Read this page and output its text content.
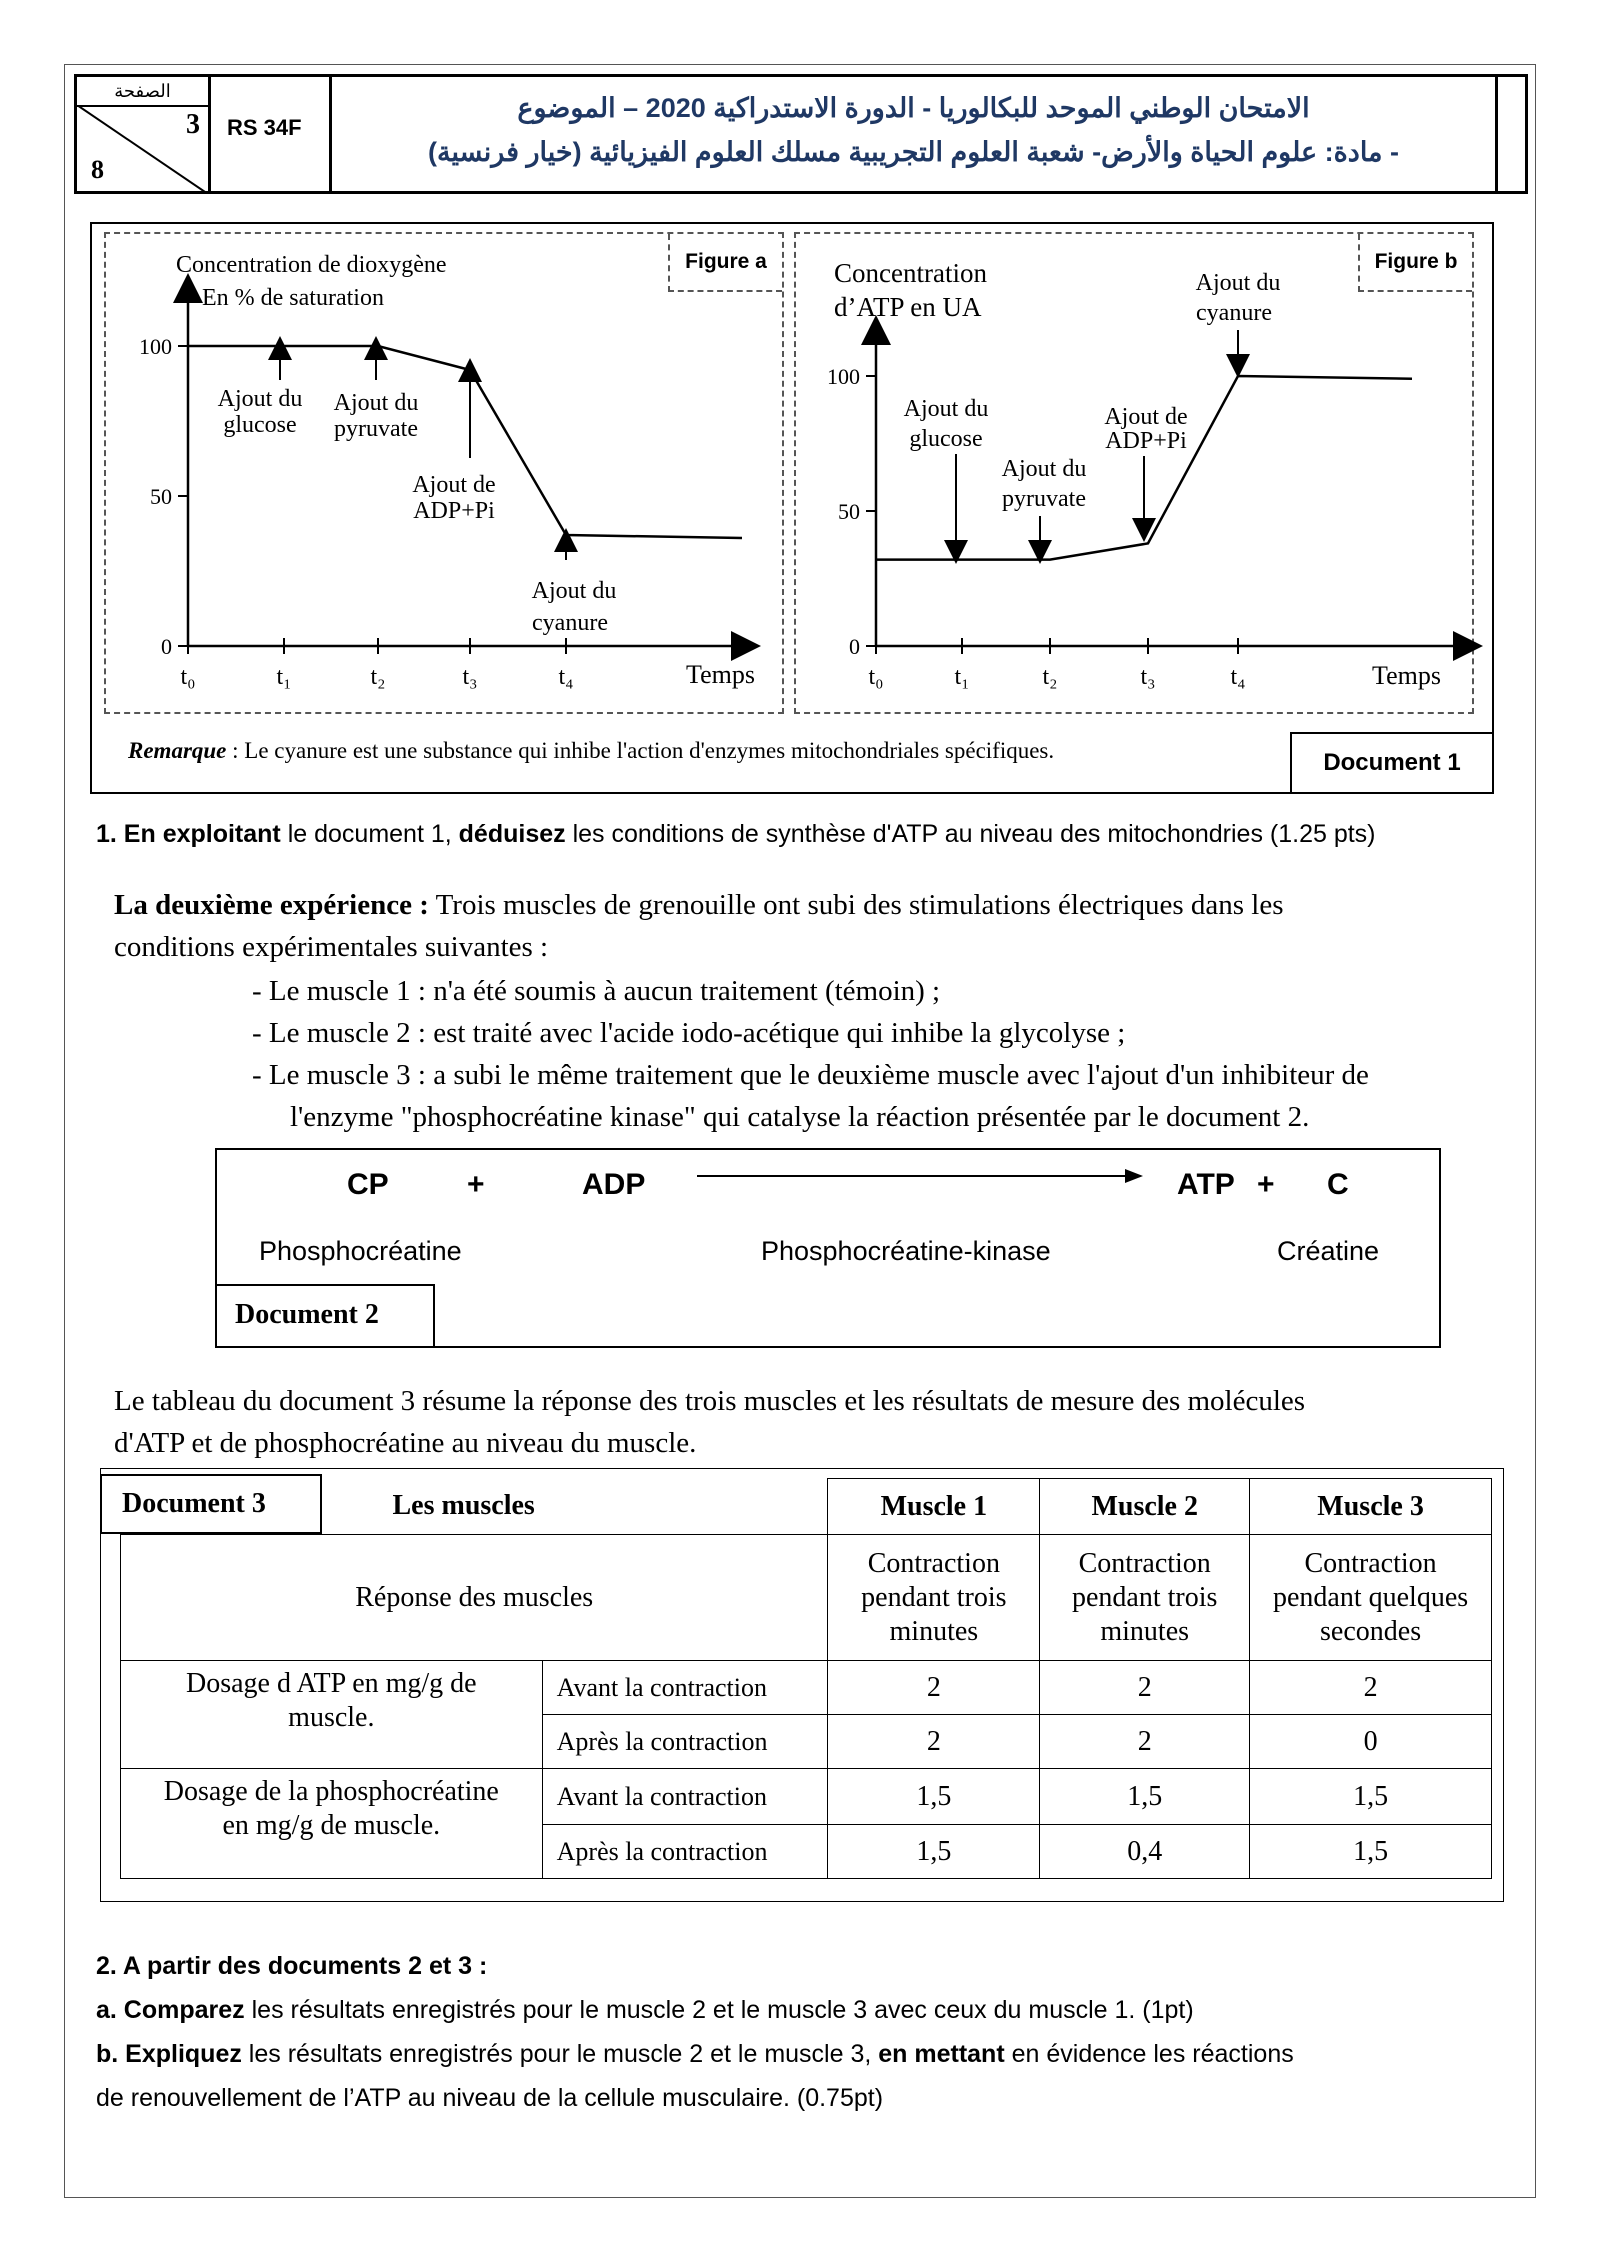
الصفحة
3
8
RS 34F
الامتحان الوطني الموحد للبكالوريا - الدورة الاستدراكية 2020 – الموضوع
- مادة: علوم الحياة والأرض- شعبة العلوم التجريبية مسلك العلوم الفيزيائية (خيار فرنسية)
Figure a	Figure b
Concentration de dioxygène
En % de saturation
100
50
0
t₀	t₁	t₂	t₃	t₄	Temps
Ajout du
glucose
Ajout du
pyruvate
Ajout de
ADP+Pi
Ajout du
cyanure
Concentration
d’ATP en UA
100
50
0
t₀	t₁	t₂	t₃	t₄	Temps
Ajout du
glucose
Ajout du
pyruvate
Ajout de
ADP+Pi
Ajout du
cyanure
Remarque : Le cyanure est une substance qui inhibe l'action d'enzymes mitochondriales spécifiques.	Document 1
1. En exploitant le document 1, déduisez les conditions de synthèse d'ATP au niveau des mitochondries (1.25 pts)
La deuxième expérience : Trois muscles de grenouille ont subi des stimulations électriques dans les
conditions expérimentales suivantes :
- Le muscle 1 : n'a été soumis à aucun traitement (témoin) ;
- Le muscle 2 : est traité avec l'acide iodo-acétique qui inhibe la glycolyse ;
- Le muscle 3 : a subi le même traitement que le deuxième muscle avec l'ajout d'un inhibiteur de
l'enzyme "phosphocréatine kinase" qui catalyse la réaction présentée par le document 2.
CP	+	ADP	ATP + C
Phosphocréatine	Phosphocréatine-kinase	Créatine
Document 2
Le tableau du document 3 résume la réponse des trois muscles et les résultats de mesure des molécules
d'ATP et de phosphocréatine au niveau du muscle.
Les muscles		Muscle 1	Muscle 2	Muscle 3
Réponse des muscles		Contraction
pendant trois
minutes	Contraction
pendant trois
minutes	Contraction
pendant quelques
secondes
Dosage d ATP en mg/g de
muscle.	Avant la contraction	2	2	2
	Après la contraction	2	2	0
Dosage de la phosphocréatine
en mg/g de muscle.	Avant la contraction	1,5	1,5	1,5
	Après la contraction	1,5	0,4	1,5
Document 3
2. A partir des documents 2 et 3 :
a. Comparez les résultats enregistrés pour le muscle 2 et le muscle 3 avec ceux du muscle 1. (1pt)
b. Expliquez les résultats enregistrés pour le muscle 2 et le muscle 3, en mettant en évidence les réactions
de renouvellement de l’ATP au niveau de la cellule musculaire. (0.75pt)
